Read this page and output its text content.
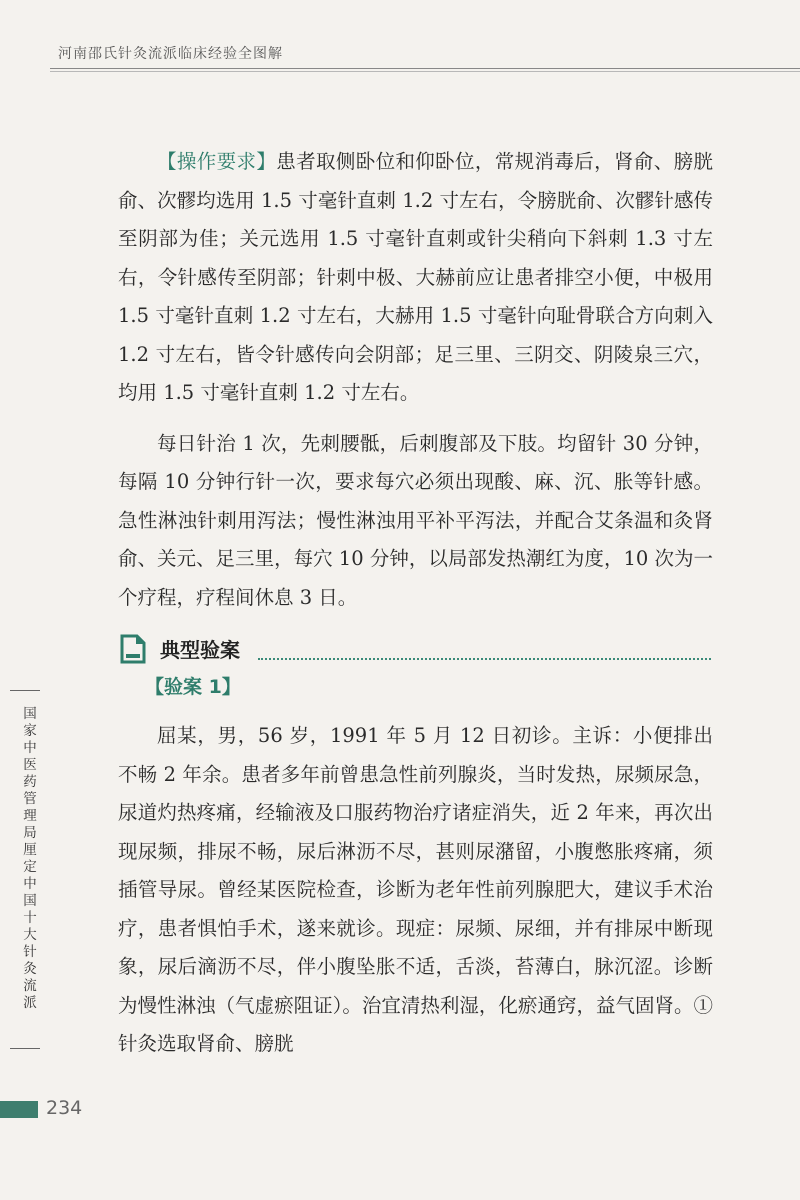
河南邵氏针灸流派临床经验全图解

【操作要求】患者取侧卧位和仰卧位，常规消毒后，肾俞、膀胱俞、次髎均选用 1.5 寸毫针直刺 1.2 寸左右，令膀胱俞、次髎针感传至阴部为佳；关元选用 1.5 寸毫针直刺或针尖稍向下斜刺 1.3 寸左右，令针感传至阴部；针刺中极、大赫前应让患者排空小便，中极用 1.5 寸毫针直刺 1.2 寸左右，大赫用 1.5 寸毫针向耻骨联合方向刺入 1.2 寸左右，皆令针感传向会阴部；足三里、三阴交、阴陵泉三穴，均用 1.5 寸毫针直刺 1.2 寸左右。

每日针治 1 次，先刺腰骶，后刺腹部及下肢。均留针 30 分钟，每隔 10 分钟行针一次，要求每穴必须出现酸、麻、沉、胀等针感。急性淋浊针刺用泻法；慢性淋浊用平补平泻法，并配合艾条温和灸肾俞、关元、足三里，每穴 10 分钟，以局部发热潮红为度，10 次为一个疗程，疗程间休息 3 日。

典型验案
【验案 1】

屈某，男，56 岁，1991 年 5 月 12 日初诊。主诉：小便排出不畅 2 年余。患者多年前曾患急性前列腺炎，当时发热，尿频尿急，尿道灼热疼痛，经输液及口服药物治疗诸症消失，近 2 年来，再次出现尿频，排尿不畅，尿后淋沥不尽，甚则尿潴留，小腹憋胀疼痛，须插管导尿。曾经某医院检查，诊断为老年性前列腺肥大，建议手术治疗，患者惧怕手术，遂来就诊。现症：尿频、尿细，并有排尿中断现象，尿后滴沥不尽，伴小腹坠胀不适，舌淡，苔薄白，脉沉涩。诊断为慢性淋浊（气虚瘀阻证）。治宜清热利湿，化瘀通窍，益气固肾。①针灸选取肾俞、膀胱

国家中医药管理局厘定中国十大针灸流派
234
